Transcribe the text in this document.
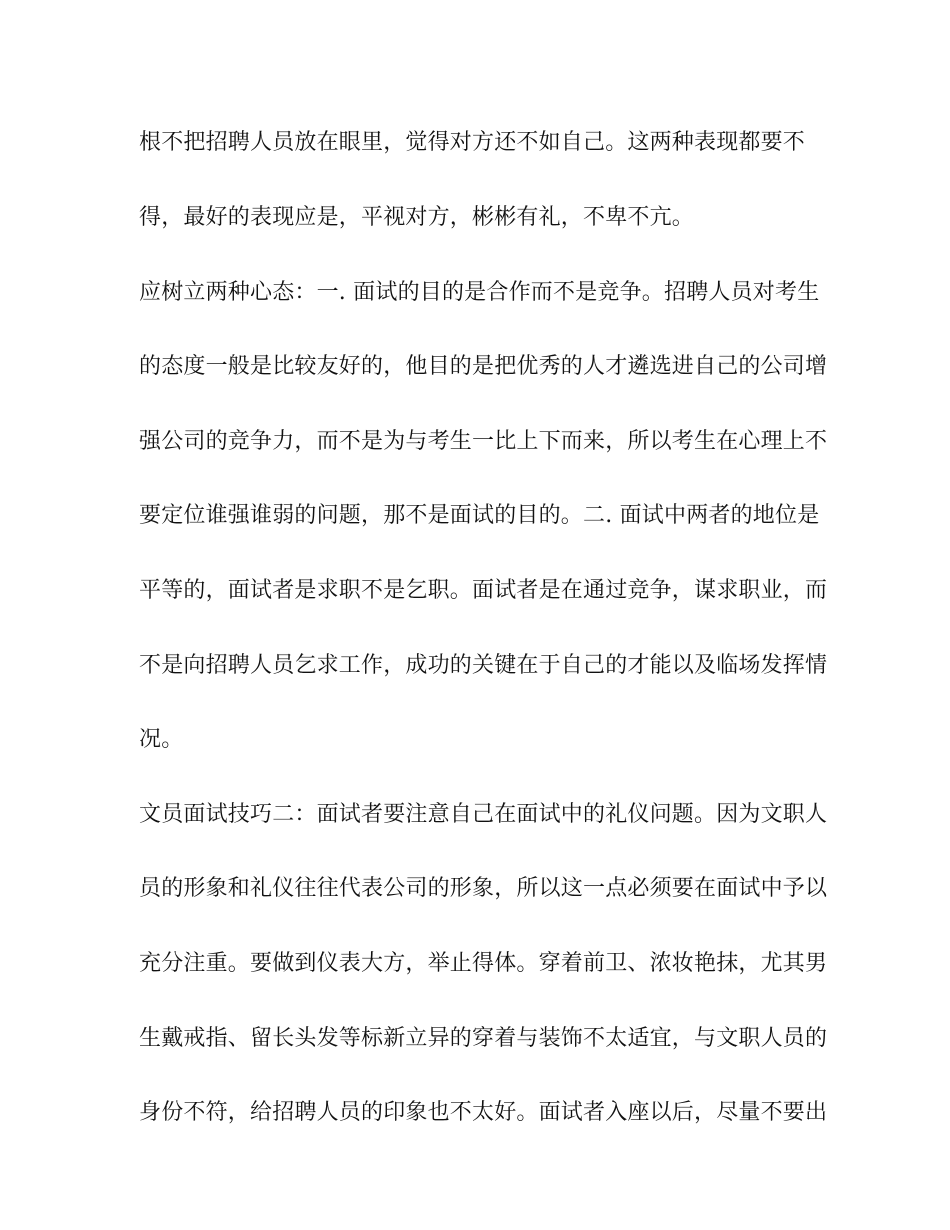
根不把招聘人员放在眼里，觉得对方还不如自己。这两种表现都要不
得，最好的表现应是，平视对方，彬彬有礼，不卑不亢。
应树立两种心态：一. 面试的目的是合作而不是竞争。招聘人员对考生
的态度一般是比较友好的，他目的是把优秀的人才遴选进自己的公司增
强公司的竞争力，而不是为与考生一比上下而来，所以考生在心理上不
要定位谁强谁弱的问题，那不是面试的目的。二. 面试中两者的地位是
平等的，面试者是求职不是乞职。面试者是在通过竞争，谋求职业，而
不是向招聘人员乞求工作，成功的关键在于自己的才能以及临场发挥情
况。
文员面试技巧二：面试者要注意自己在面试中的礼仪问题。因为文职人
员的形象和礼仪往往代表公司的形象，所以这一点必须要在面试中予以
充分注重。要做到仪表大方，举止得体。穿着前卫、浓妆艳抹，尤其男
生戴戒指、留长头发等标新立异的穿着与装饰不太适宜，与文职人员的
身份不符，给招聘人员的印象也不太好。面试者入座以后，尽量不要出
